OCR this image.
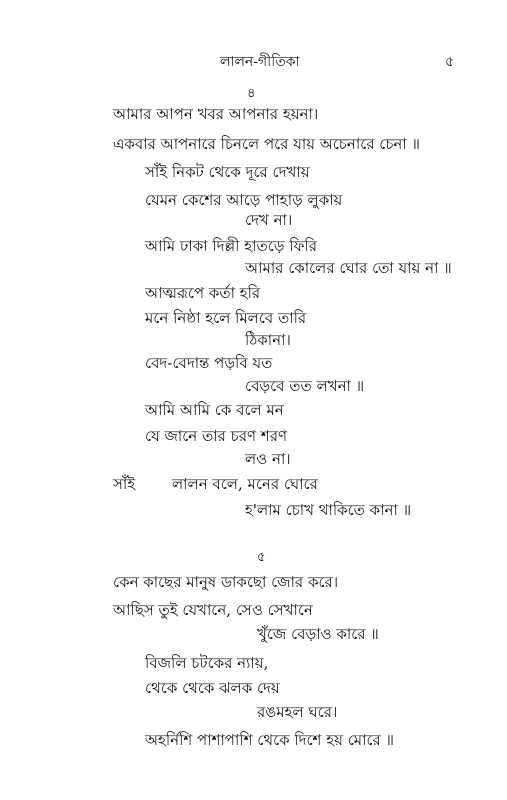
লালন-গীতিকা	৫
৪
আমার আপন খবর আপনার হয়না।
একবার আপনারে চিনলে পরে যায় অচেনারে চেনা ॥
সাঁই নিকট থেকে দূরে দেখায়
যেমন কেশের আড়ে পাহাড় লুকায়
দেখ না।
আমি ঢাকা দিল্লী হাতড়ে ফিরি
আমার কোলের ঘোর তো যায় না ॥
আত্মরূপে কর্তা হরি
মনে নিষ্ঠা হলে মিলবে তারি
ঠিকানা।
বেদ-বেদান্ত পড়বি যত
বেড়বে তত লখনা ॥
আমি আমি কে বলে মন
যে জানে তার চরণ শরণ
লও না।
সাঁই লালন বলে, মনের ঘোরে
হ'লাম চোখ থাকিতে কানা ॥
৫
কেন কাছের মানুষ ডাকছো জোর করে।
আছিস তুই যেখানে, সেও সেখানে
খুঁজে বেড়াও কারে ॥
বিজলি চটকের ন্যায়,
থেকে থেকে ঝলক দেয়
রঙমহল ঘরে।
অহর্নিশি পাশাপাশি থেকে দিশে হয় মোরে ॥
